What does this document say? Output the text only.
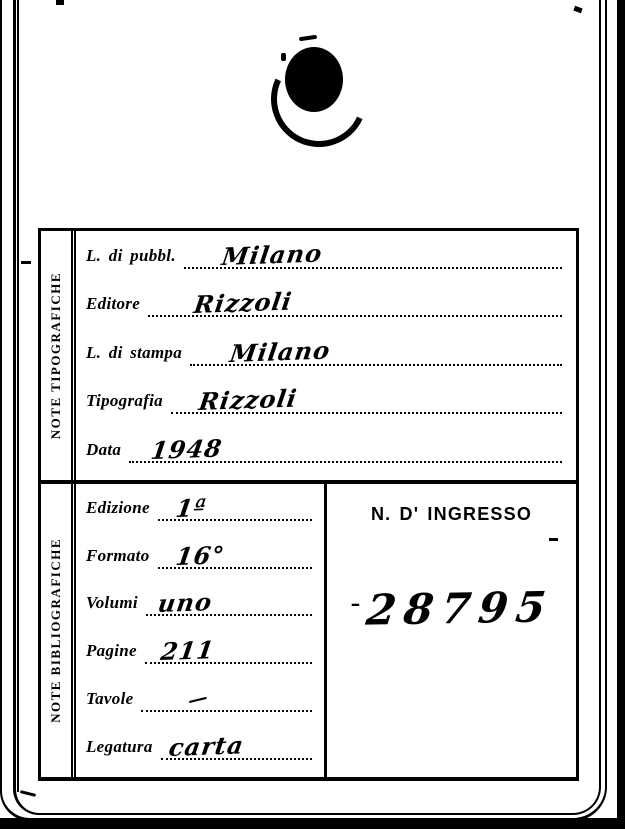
NOTE TIPOGRAFICHE
L. di pubbl. Milano
Editore Rizzoli
L. di stampa Milano
Tipografia Rizzoli
Data 1948
NOTE BIBLIOGRAFICHE
Edizione 1ª
Formato 16°
Volumi uno
Pagine 211
Tavole	—
Legatura carta
N. D' INGRESSO
-28795
